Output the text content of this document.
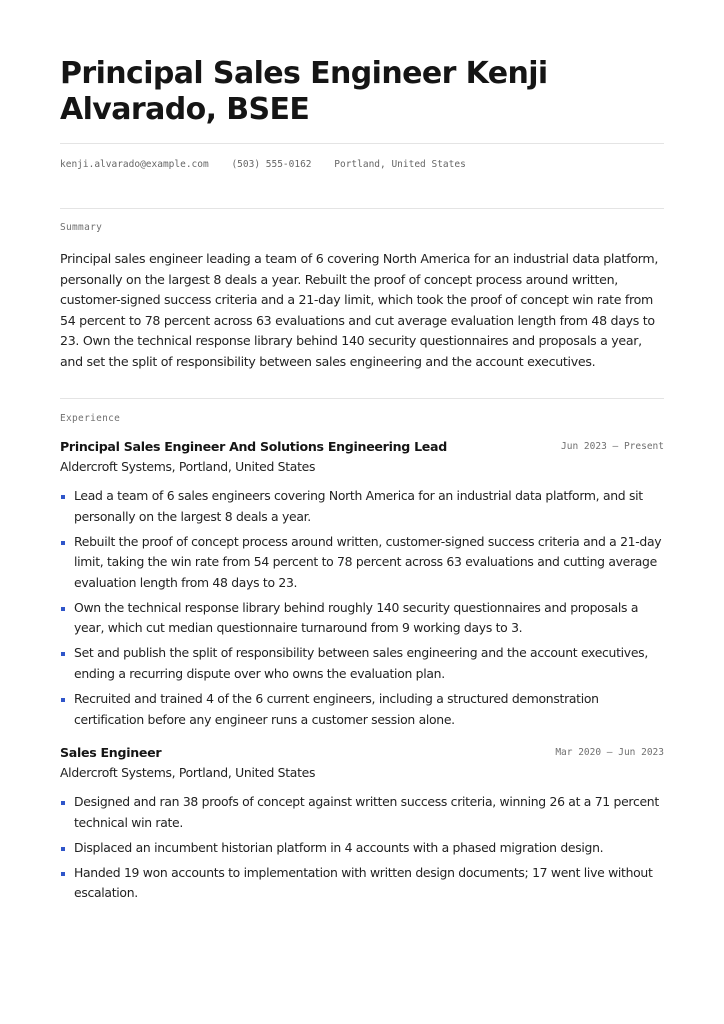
Principal Sales Engineer Kenji Alvarado, BSEE
kenji.alvarado@example.com (503) 555-0162 Portland, United States
Summary

Principal sales engineer leading a team of 6 covering North America for an industrial data platform, personally on the largest 8 deals a year. Rebuilt the proof of concept process around written, customer-signed success criteria and a 21-day limit, which took the proof of concept win rate from 54 percent to 78 percent across 63 evaluations and cut average evaluation length from 48 days to 23. Own the technical response library behind 140 security questionnaires and proposals a year, and set the split of responsibility between sales engineering and the account executives.

Experience
Principal Sales Engineer And Solutions Engineering Lead	Jun 2023 — Present
Aldercroft Systems, Portland, United States
Lead a team of 6 sales engineers covering North America for an industrial data platform, and sit personally on the largest 8 deals a year.
Rebuilt the proof of concept process around written, customer-signed success criteria and a 21-day limit, taking the win rate from 54 percent to 78 percent across 63 evaluations and cutting average evaluation length from 48 days to 23.
Own the technical response library behind roughly 140 security questionnaires and proposals a year, which cut median questionnaire turnaround from 9 working days to 3.
Set and publish the split of responsibility between sales engineering and the account executives, ending a recurring dispute over who owns the evaluation plan.
Recruited and trained 4 of the 6 current engineers, including a structured demonstration certification before any engineer runs a customer session alone.
Sales Engineer	Mar 2020 — Jun 2023
Aldercroft Systems, Portland, United States
Designed and ran 38 proofs of concept against written success criteria, winning 26 at a 71 percent technical win rate.
Displaced an incumbent historian platform in 4 accounts with a phased migration design.
Handed 19 won accounts to implementation with written design documents; 17 went live without escalation.
